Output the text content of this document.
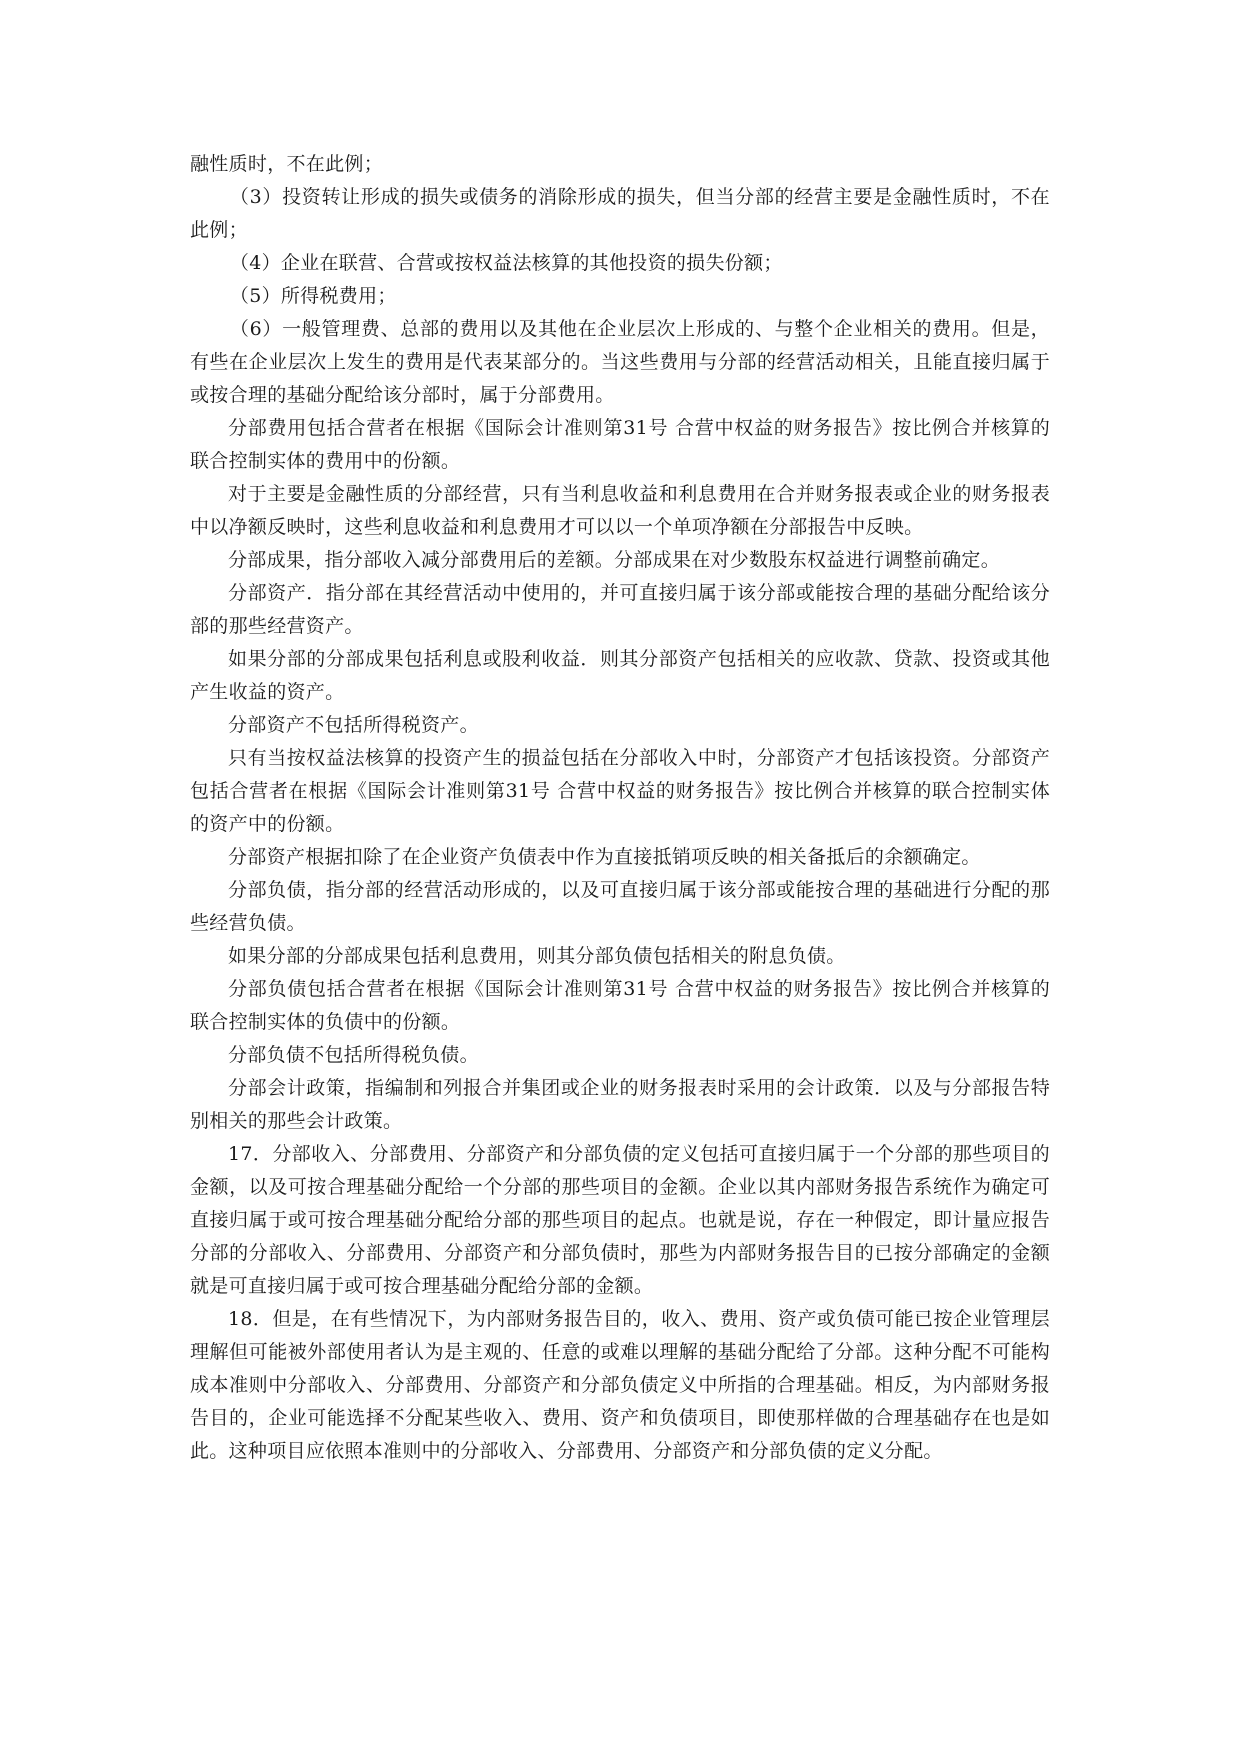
融性质时，不在此例；

（3）投资转让形成的损失或债务的消除形成的损失，但当分部的经营主要是金融性质时，不在此例；

（4）企业在联营、合营或按权益法核算的其他投资的损失份额；

（5）所得税费用；

（6）一般管理费、总部的费用以及其他在企业层次上形成的、与整个企业相关的费用。但是，有些在企业层次上发生的费用是代表某部分的。当这些费用与分部的经营活动相关，且能直接归属于或按合理的基础分配给该分部时，属于分部费用。

分部费用包括合营者在根据《国际会计准则第31号 合营中权益的财务报告》按比例合并核算的联合控制实体的费用中的份额。

对于主要是金融性质的分部经营，只有当利息收益和利息费用在合并财务报表或企业的财务报表中以净额反映时，这些利息收益和利息费用才可以以一个单项净额在分部报告中反映。

分部成果，指分部收入减分部费用后的差额。分部成果在对少数股东权益进行调整前确定。

分部资产．指分部在其经营活动中使用的，并可直接归属于该分部或能按合理的基础分配给该分部的那些经营资产。

如果分部的分部成果包括利息或股利收益．则其分部资产包括相关的应收款、贷款、投资或其他产生收益的资产。

分部资产不包括所得税资产。

只有当按权益法核算的投资产生的损益包括在分部收入中时，分部资产才包括该投资。分部资产包括合营者在根据《国际会计准则第31号 合营中权益的财务报告》按比例合并核算的联合控制实体的资产中的份额。

分部资产根据扣除了在企业资产负债表中作为直接抵销项反映的相关备抵后的余额确定。

分部负债，指分部的经营活动形成的，以及可直接归属于该分部或能按合理的基础进行分配的那些经营负债。

如果分部的分部成果包括利息费用，则其分部负债包括相关的附息负债。

分部负债包括合营者在根据《国际会计准则第31号 合营中权益的财务报告》按比例合并核算的联合控制实体的负债中的份额。

分部负债不包括所得税负债。

分部会计政策，指编制和列报合并集团或企业的财务报表时采用的会计政策．以及与分部报告特别相关的那些会计政策。

17．分部收入、分部费用、分部资产和分部负债的定义包括可直接归属于一个分部的那些项目的金额，以及可按合理基础分配给一个分部的那些项目的金额。企业以其内部财务报告系统作为确定可直接归属于或可按合理基础分配给分部的那些项目的起点。也就是说，存在一种假定，即计量应报告分部的分部收入、分部费用、分部资产和分部负债时，那些为内部财务报告目的已按分部确定的金额就是可直接归属于或可按合理基础分配给分部的金额。

18．但是，在有些情况下，为内部财务报告目的，收入、费用、资产或负债可能已按企业管理层理解但可能被外部使用者认为是主观的、任意的或难以理解的基础分配给了分部。这种分配不可能构成本准则中分部收入、分部费用、分部资产和分部负债定义中所指的合理基础。相反，为内部财务报告目的，企业可能选择不分配某些收入、费用、资产和负债项目，即使那样做的合理基础存在也是如此。这种项目应依照本准则中的分部收入、分部费用、分部资产和分部负债的定义分配。
